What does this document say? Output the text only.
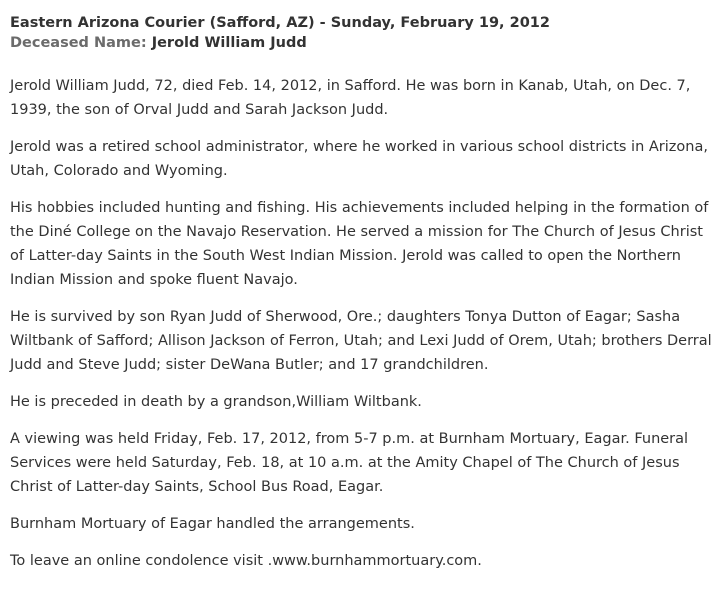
Eastern Arizona Courier (Safford, AZ) - Sunday, February 19, 2012
Deceased Name: Jerold William Judd

Jerold William Judd, 72, died Feb. 14, 2012, in Safford. He was born in Kanab, Utah, on Dec. 7, 1939, the son of Orval Judd and Sarah Jackson Judd.

Jerold was a retired school administrator, where he worked in various school districts in Arizona, Utah, Colorado and Wyoming.

His hobbies included hunting and fishing. His achievements included helping in the formation of the Diné College on the Navajo Reservation. He served a mission for The Church of Jesus Christ of Latter-day Saints in the South West Indian Mission. Jerold was called to open the Northern Indian Mission and spoke fluent Navajo.

He is survived by son Ryan Judd of Sherwood, Ore.; daughters Tonya Dutton of Eagar; Sasha Wiltbank of Safford; Allison Jackson of Ferron, Utah; and Lexi Judd of Orem, Utah; brothers Derral Judd and Steve Judd; sister DeWana Butler; and 17 grandchildren.

He is preceded in death by a grandson,William Wiltbank.

A viewing was held Friday, Feb. 17, 2012, from 5-7 p.m. at Burnham Mortuary, Eagar. Funeral Services were held Saturday, Feb. 18, at 10 a.m. at the Amity Chapel of The Church of Jesus Christ of Latter-day Saints, School Bus Road, Eagar.

Burnham Mortuary of Eagar handled the arrangements.

To leave an online condolence visit .www.burnhammortuary.com.
